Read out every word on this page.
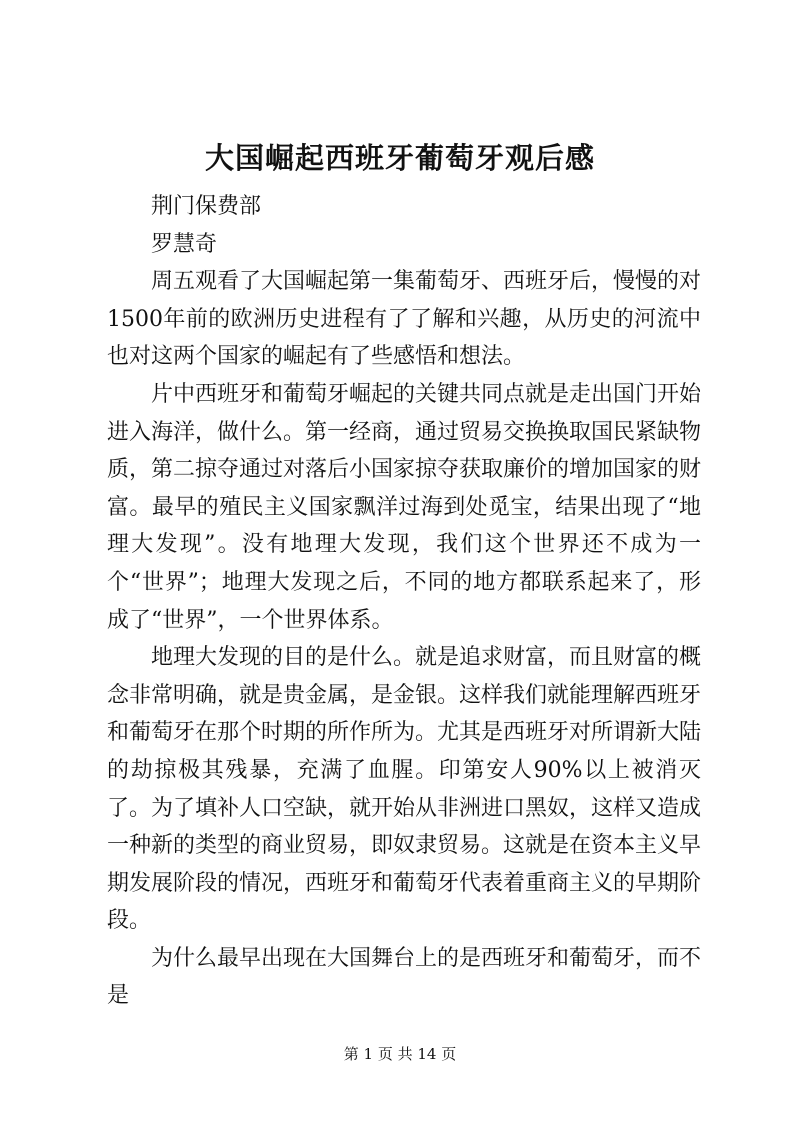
大国崛起西班牙葡萄牙观后感

荆门保费部

罗慧奇

周五观看了大国崛起第一集葡萄牙、西班牙后，慢慢的对1500年前的欧洲历史进程有了了解和兴趣，从历史的河流中也对这两个国家的崛起有了些感悟和想法。

片中西班牙和葡萄牙崛起的关键共同点就是走出国门开始进入海洋，做什么。第一经商，通过贸易交换换取国民紧缺物质，第二掠夺通过对落后小国家掠夺获取廉价的增加国家的财富。最早的殖民主义国家飘洋过海到处觅宝，结果出现了“地理大发现”。没有地理大发现，我们这个世界还不成为一个“世界”；地理大发现之后，不同的地方都联系起来了，形成了“世界”，一个世界体系。

地理大发现的目的是什么。就是追求财富，而且财富的概念非常明确，就是贵金属，是金银。这样我们就能理解西班牙和葡萄牙在那个时期的所作所为。尤其是西班牙对所谓新大陆的劫掠极其残暴，充满了血腥。印第安人90%以上被消灭了。为了填补人口空缺，就开始从非洲进口黑奴，这样又造成一种新的类型的商业贸易，即奴隶贸易。这就是在资本主义早期发展阶段的情况，西班牙和葡萄牙代表着重商主义的早期阶段。

为什么最早出现在大国舞台上的是西班牙和葡萄牙，而不是

第 1 页 共 14 页
